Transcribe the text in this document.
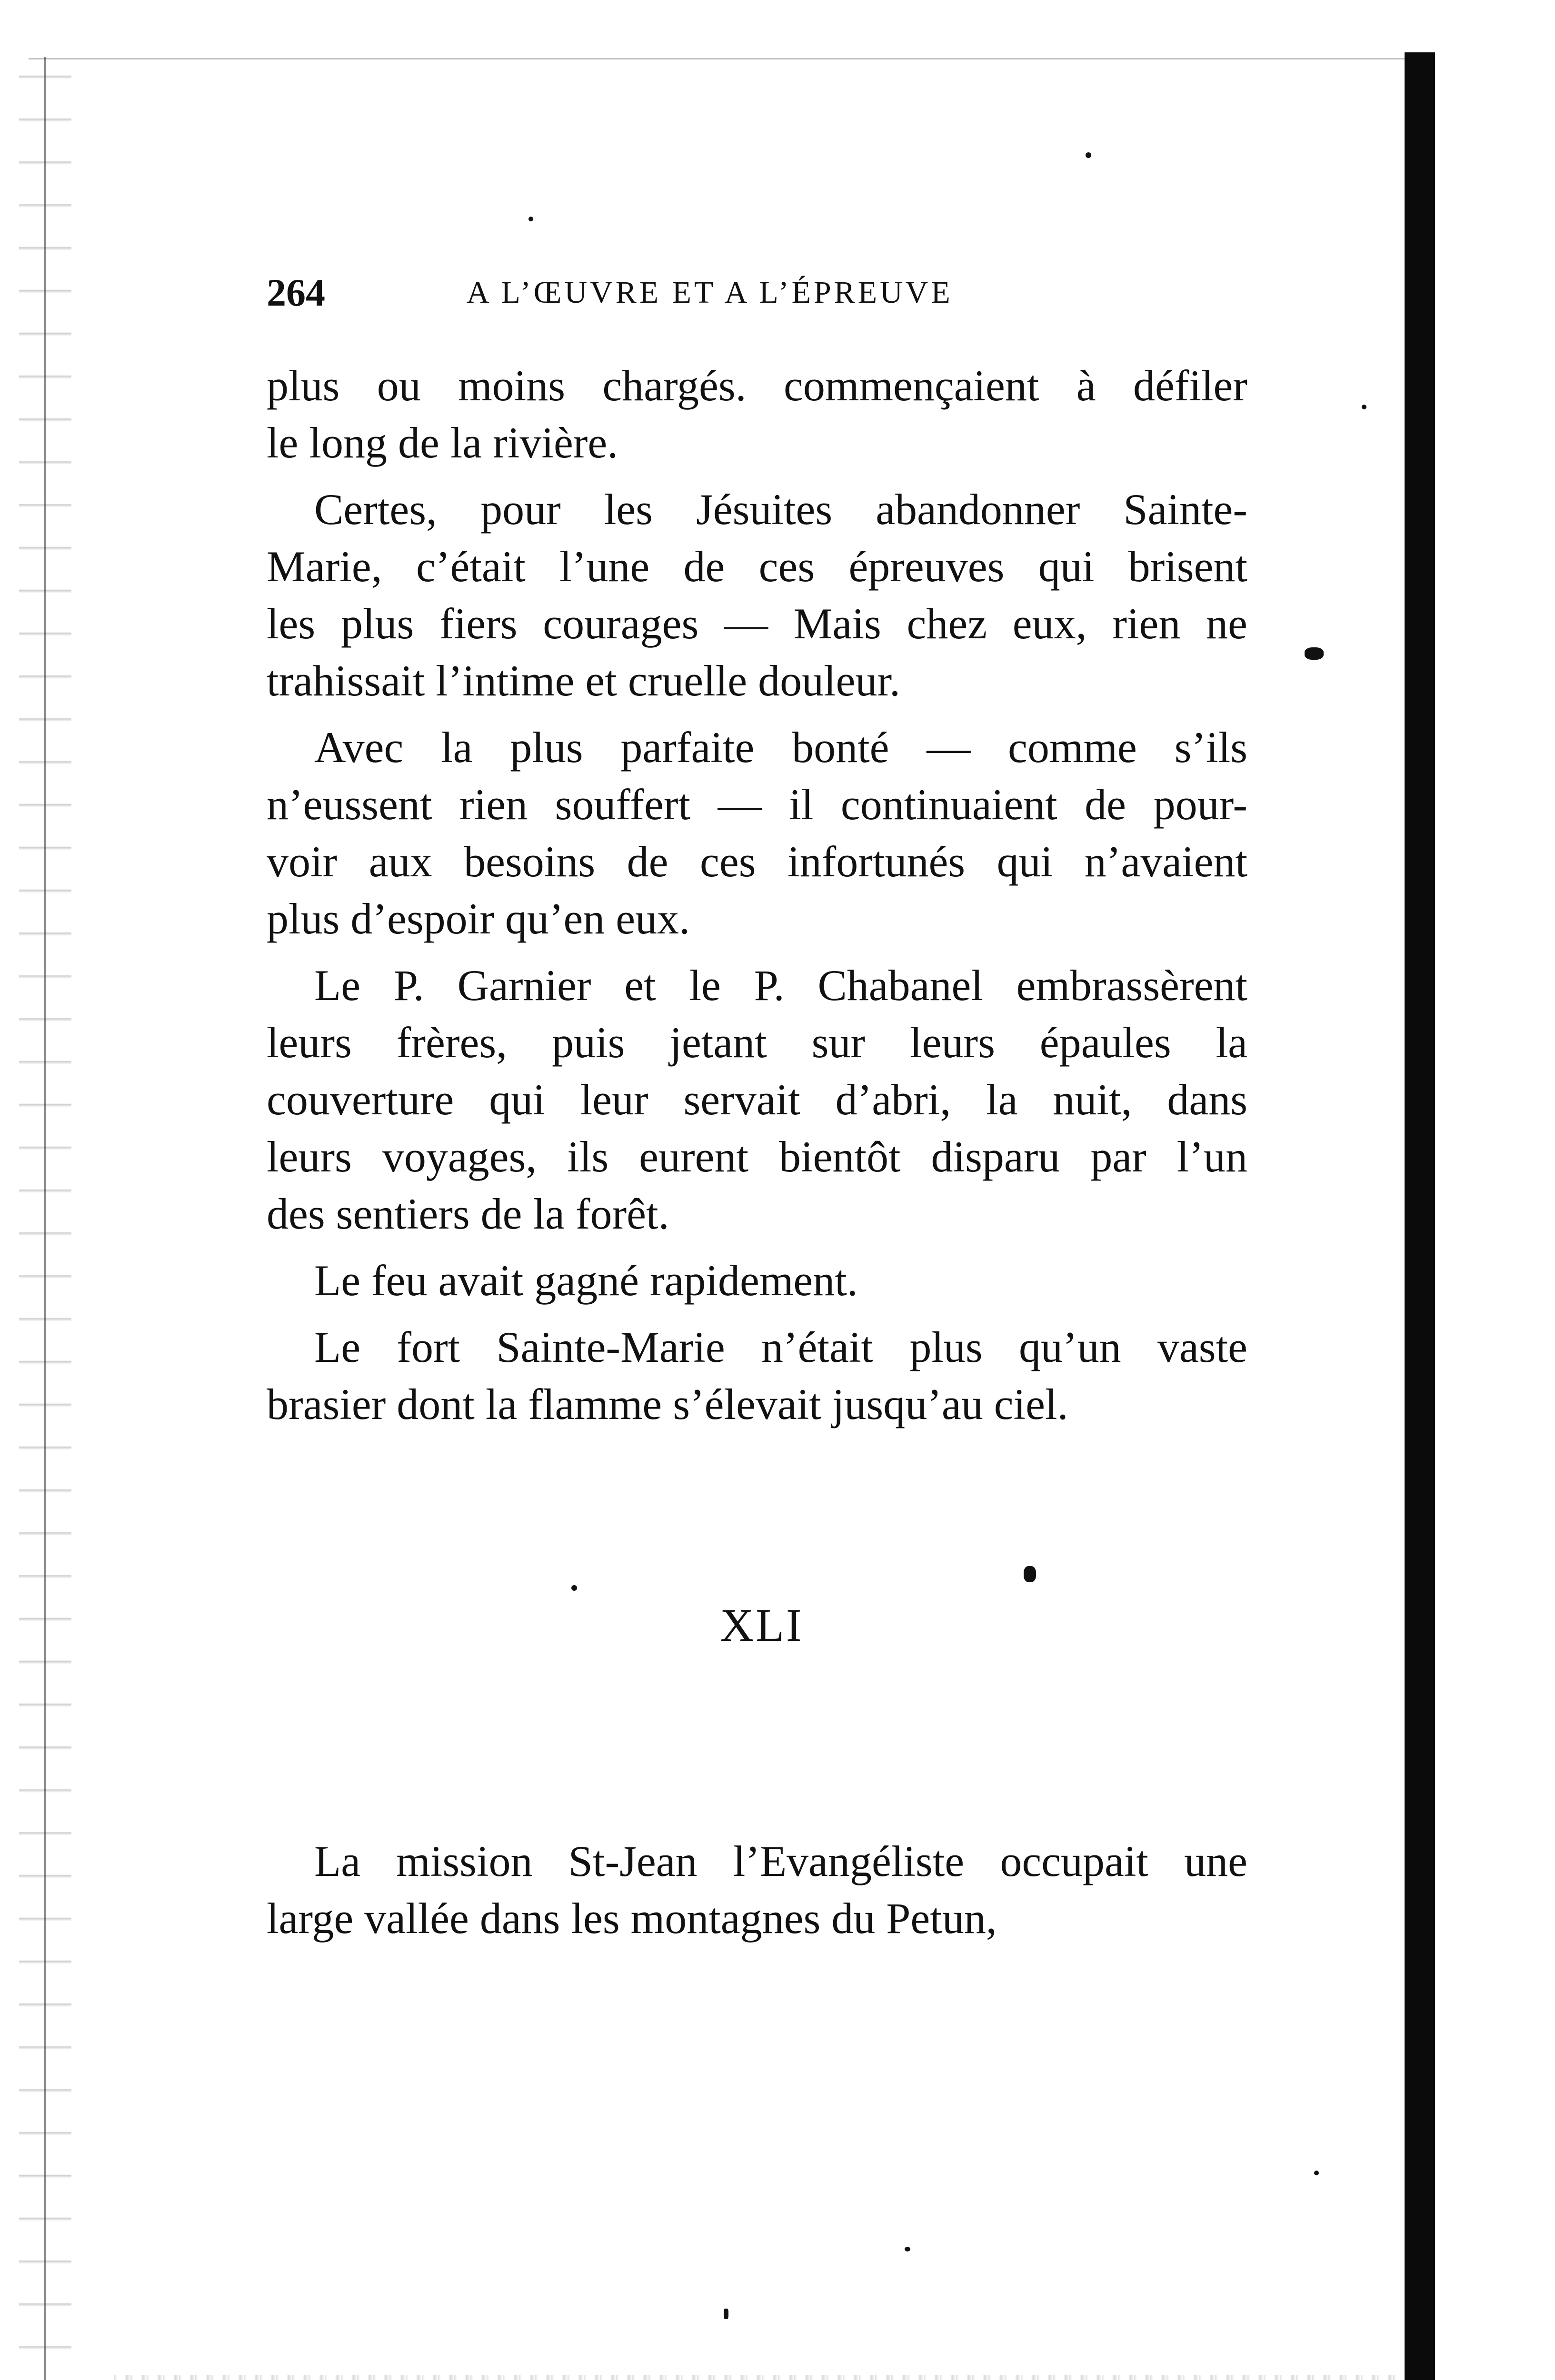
264	A L’ŒUVRE ET A L’ÉPREUVE
plus ou moins chargés. commençaient à défiler
le long de la rivière.
Certes, pour les Jésuites abandonner Sainte-
Marie, c’était l’une de ces épreuves qui brisent
les plus fiers courages — Mais chez eux, rien ne
trahissait l’intime et cruelle douleur.
Avec la plus parfaite bonté — comme s’ils
n’eussent rien souffert — il continuaient de pour-
voir aux besoins de ces infortunés qui n’avaient
plus d’espoir qu’en eux.
Le P. Garnier et le P. Chabanel embrassèrent
leurs frères, puis jetant sur leurs épaules la
couverture qui leur servait d’abri, la nuit, dans
leurs voyages, ils eurent bientôt disparu par l’un
des sentiers de la forêt.
Le feu avait gagné rapidement.
Le fort Sainte-Marie n’était plus qu’un vaste
brasier dont la flamme s’élevait jusqu’au ciel.
XLI
La mission St-Jean l’Evangéliste occupait une
large vallée dans les montagnes du Petun,
